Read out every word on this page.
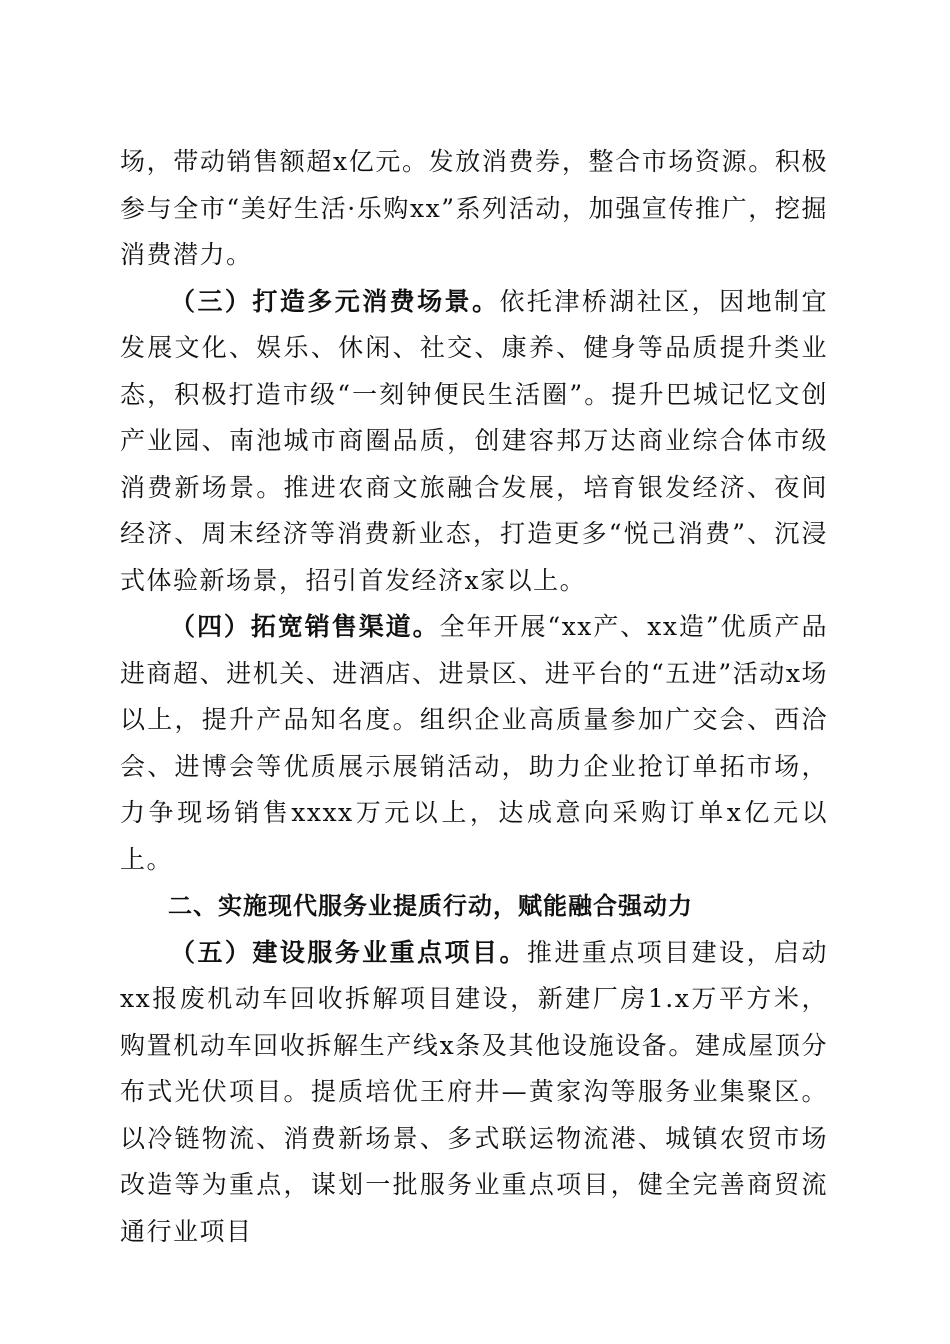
场，带动销售额超x亿元。发放消费券，整合市场资源。积极参与全市“美好生活·乐购xx”系列活动，加强宣传推广，挖掘消费潜力。

（三）打造多元消费场景。依托津桥湖社区，因地制宜发展文化、娱乐、休闲、社交、康养、健身等品质提升类业态，积极打造市级“一刻钟便民生活圈”。提升巴城记忆文创产业园、南池城市商圈品质，创建容邦万达商业综合体市级消费新场景。推进农商文旅融合发展，培育银发经济、夜间经济、周末经济等消费新业态，打造更多“悦己消费”、沉浸式体验新场景，招引首发经济x家以上。

（四）拓宽销售渠道。全年开展“xx产、xx造”优质产品进商超、进机关、进酒店、进景区、进平台的“五进”活动x场以上，提升产品知名度。组织企业高质量参加广交会、西洽会、进博会等优质展示展销活动，助力企业抢订单拓市场，力争现场销售xxxx万元以上，达成意向采购订单x亿元以上。

二、实施现代服务业提质行动，赋能融合强动力

（五）建设服务业重点项目。推进重点项目建设，启动xx报废机动车回收拆解项目建设，新建厂房1.x万平方米，购置机动车回收拆解生产线x条及其他设施设备。建成屋顶分布式光伏项目。提质培优王府井—黄家沟等服务业集聚区。以冷链物流、消费新场景、多式联运物流港、城镇农贸市场改造等为重点，谋划一批服务业重点项目，健全完善商贸流通行业项目
